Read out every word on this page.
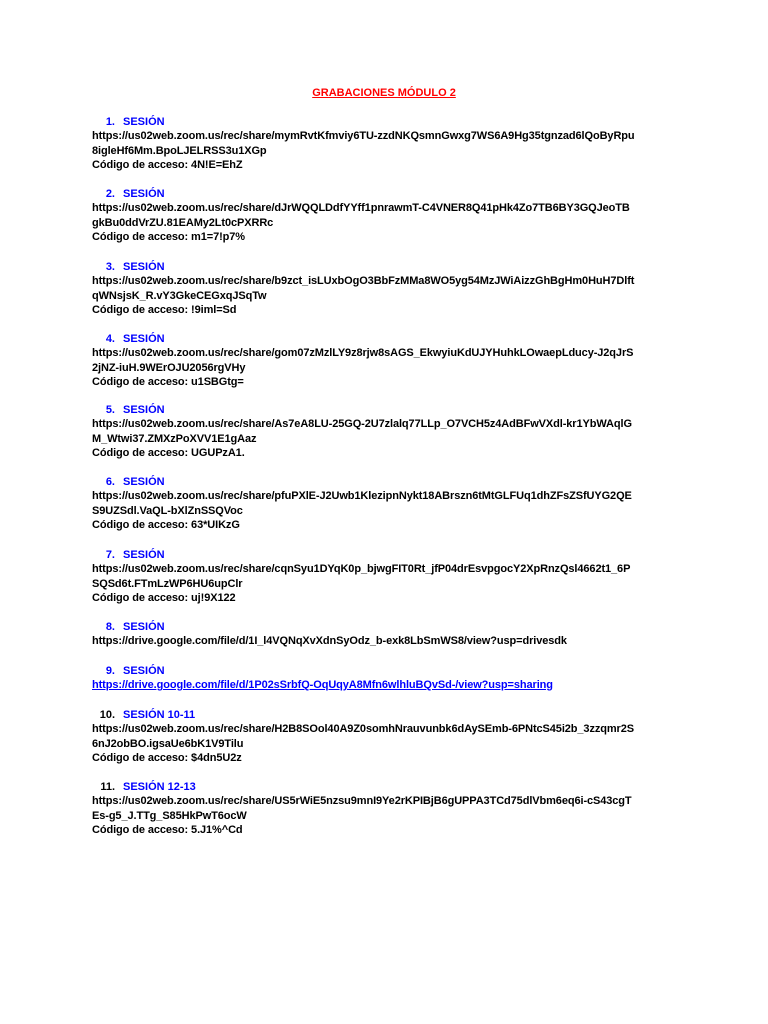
GRABACIONES MÓDULO 2
1. SESIÓN
https://us02web.zoom.us/rec/share/mymRvtKfmviy6TU-zzdNKQsmnGwxg7WS6A9Hg35tgnzad6lQoByRpu
8igleHf6Mm.BpoLJELRSS3u1XGp
Código de acceso: 4N!E=EhZ
2. SESIÓN
https://us02web.zoom.us/rec/share/dJrWQQLDdfYYff1pnrawmT-C4VNER8Q41pHk4Zo7TB6BY3GQJeoTB
gkBu0ddVrZU.81EAMy2Lt0cPXRRc
Código de acceso: m1=7!p7%
3. SESIÓN
https://us02web.zoom.us/rec/share/b9zct_isLUxbOgO3BbFzMMa8WO5yg54MzJWiAizzGhBgHm0HuH7Dlft
qWNsjsK_R.vY3GkeCEGxqJSqTw
Código de acceso: !9iml=Sd
4. SESIÓN
https://us02web.zoom.us/rec/share/gom07zMzlLY9z8rjw8sAGS_EkwyiuKdUJYHuhkLOwaepLducy-J2qJrS
2jNZ-iuH.9WErOJU2056rgVHy
Código de acceso: u1SBGtg=
5. SESIÓN
https://us02web.zoom.us/rec/share/As7eA8LU-25GQ-2U7zlalq77LLp_O7VCH5z4AdBFwVXdl-kr1YbWAqlG
M_Wtwi37.ZMXzPoXVV1E1gAaz
Código de acceso: UGUPzA1.
6. SESIÓN
https://us02web.zoom.us/rec/share/pfuPXlE-J2Uwb1KlezipnNykt18ABrszn6tMtGLFUq1dhZFsZSfUYG2QE
S9UZSdl.VaQL-bXlZnSSQVoc
Código de acceso: 63*UIKzG
7. SESIÓN
https://us02web.zoom.us/rec/share/cqnSyu1DYqK0p_bjwgFIT0Rt_jfP04drEsvpgocY2XpRnzQsl4662t1_6P
SQSd6t.FTmLzWP6HU6upClr
Código de acceso: uj!9X122
8. SESIÓN
https://drive.google.com/file/d/1I_l4VQNqXvXdnSyOdz_b-exk8LbSmWS8/view?usp=drivesdk
9. SESIÓN
https://drive.google.com/file/d/1P02sSrbfQ-OqUqyA8Mfn6wlhluBQvSd-/view?usp=sharing
10. SESIÓN 10-11
https://us02web.zoom.us/rec/share/H2B8SOol40A9Z0somhNrauvunbk6dAySEmb-6PNtcS45i2b_3zzqmr2S
6nJ2obBO.igsaUe6bK1V9Tilu
Código de acceso: $4dn5U2z
11. SESIÓN 12-13
https://us02web.zoom.us/rec/share/US5rWiE5nzsu9mnI9Ye2rKPIBjB6gUPPA3TCd75dlVbm6eq6i-cS43cgT
Es-g5_J.TTg_S85HkPwT6ocW
Código de acceso: 5.J1%^Cd
